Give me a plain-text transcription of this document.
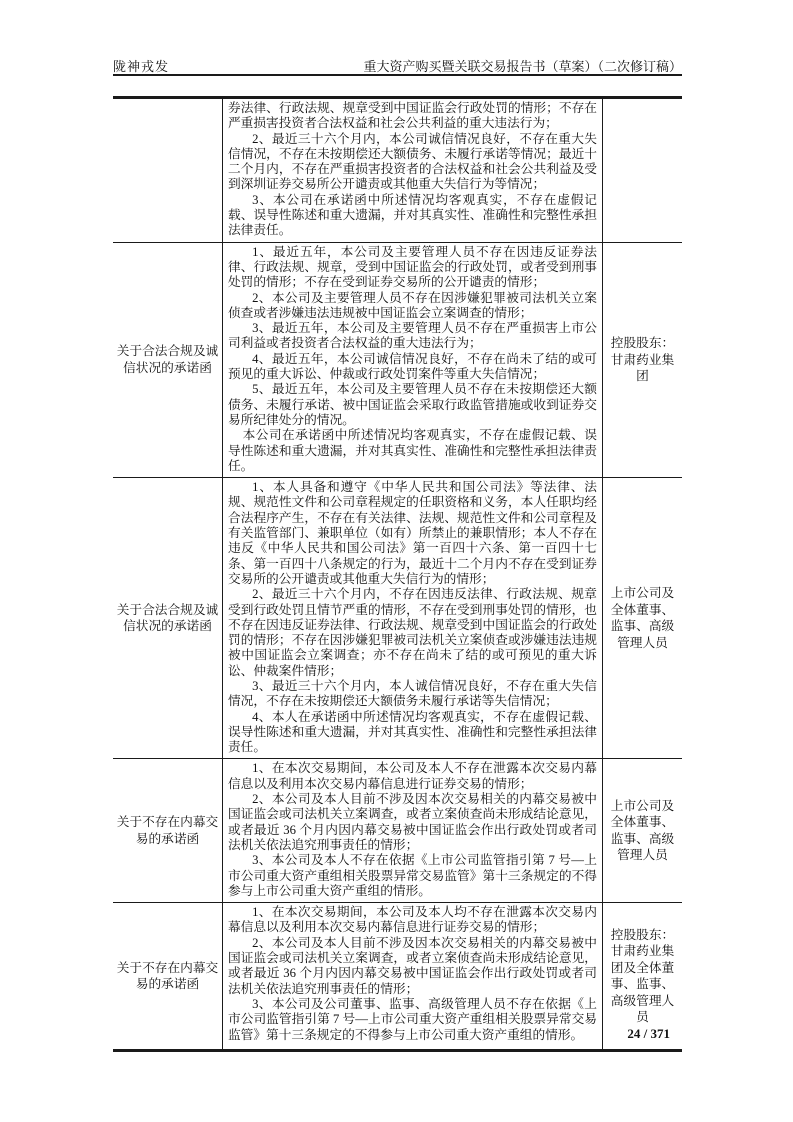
陇神戎发	重大资产购买暨关联交易报告书（草案）（二次修订稿）

券法律、行政法规、规章受到中国证监会行政处罚的情形；不存在严重损害投资者合法权益和社会公共利益的重大违法行为；

2、最近三十六个月内，本公司诚信情况良好，不存在重大失信情况，不存在未按期偿还大额债务、未履行承诺等情况；最近十二个月内，不存在严重损害投资者的合法权益和社会公共利益及受到深圳证券交易所公开谴责或其他重大失信行为等情况；

3、本公司在承诺函中所述情况均客观真实，不存在虚假记载、误导性陈述和重大遗漏，并对其真实性、准确性和完整性承担法律责任。

关于合法合规及诚信状况的承诺函

1、最近五年，本公司及主要管理人员不存在因违反证券法律、行政法规、规章，受到中国证监会的行政处罚，或者受到刑事处罚的情形；不存在受到证券交易所的公开谴责的情形；

2、本公司及主要管理人员不存在因涉嫌犯罪被司法机关立案侦查或者涉嫌违法违规被中国证监会立案调查的情形；

3、最近五年，本公司及主要管理人员不存在严重损害上市公司利益或者投资者合法权益的重大违法行为；

4、最近五年，本公司诚信情况良好，不存在尚未了结的或可预见的重大诉讼、仲裁或行政处罚案件等重大失信情况；

5、最近五年，本公司及主要管理人员不存在未按期偿还大额债务、未履行承诺、被中国证监会采取行政监管措施或收到证券交易所纪律处分的情况。

本公司在承诺函中所述情况均客观真实，不存在虚假记载、误导性陈述和重大遗漏，并对其真实性、准确性和完整性承担法律责任。

控股股东：甘肃药业集团
关于合法合规及诚信状况的承诺函

1、本人具备和遵守《中华人民共和国公司法》等法律、法规、规范性文件和公司章程规定的任职资格和义务，本人任职均经合法程序产生，不存在有关法律、法规、规范性文件和公司章程及有关监管部门、兼职单位（如有）所禁止的兼职情形；本人不存在违反《中华人民共和国公司法》第一百四十六条、第一百四十七条、第一百四十八条规定的行为，最近十二个月内不存在受到证券交易所的公开谴责或其他重大失信行为的情形；

2、最近三十六个月内，不存在因违反法律、行政法规、规章受到行政处罚且情节严重的情形，不存在受到刑事处罚的情形，也不存在因违反证券法律、行政法规、规章受到中国证监会的行政处罚的情形；不存在因涉嫌犯罪被司法机关立案侦查或涉嫌违法违规被中国证监会立案调查；亦不存在尚未了结的或可预见的重大诉讼、仲裁案件情形；

3、最近三十六个月内，本人诚信情况良好，不存在重大失信情况，不存在未按期偿还大额债务未履行承诺等失信情况；

4、本人在承诺函中所述情况均客观真实，不存在虚假记载、误导性陈述和重大遗漏，并对其真实性、准确性和完整性承担法律责任。

上市公司及全体董事、监事、高级管理人员
关于不存在内幕交易的承诺函

1、在本次交易期间，本公司及本人不存在泄露本次交易内幕信息以及利用本次交易内幕信息进行证券交易的情形；

2、本公司及本人目前不涉及因本次交易相关的内幕交易被中国证监会或司法机关立案调查，或者立案侦查尚未形成结论意见，或者最近 36 个月内因内幕交易被中国证监会作出行政处罚或者司法机关依法追究刑事责任的情形；

3、本公司及本人不存在依据《上市公司监管指引第 7 号—上市公司重大资产重组相关股票异常交易监管》第十三条规定的不得参与上市公司重大资产重组的情形。

上市公司及全体董事、监事、高级管理人员
关于不存在内幕交易的承诺函

1、在本次交易期间，本公司及本人均不存在泄露本次交易内幕信息以及利用本次交易内幕信息进行证券交易的情形；

2、本公司及本人目前不涉及因本次交易相关的内幕交易被中国证监会或司法机关立案调查，或者立案侦查尚未形成结论意见，或者最近 36 个月内因内幕交易被中国证监会作出行政处罚或者司法机关依法追究刑事责任的情形；

3、本公司及公司董事、监事、高级管理人员不存在依据《上市公司监管指引第 7 号—上市公司重大资产重组相关股票异常交易监管》第十三条规定的不得参与上市公司重大资产重组的情形。

控股股东：甘肃药业集团及全体董事、监事、高级管理人员
24 / 371
